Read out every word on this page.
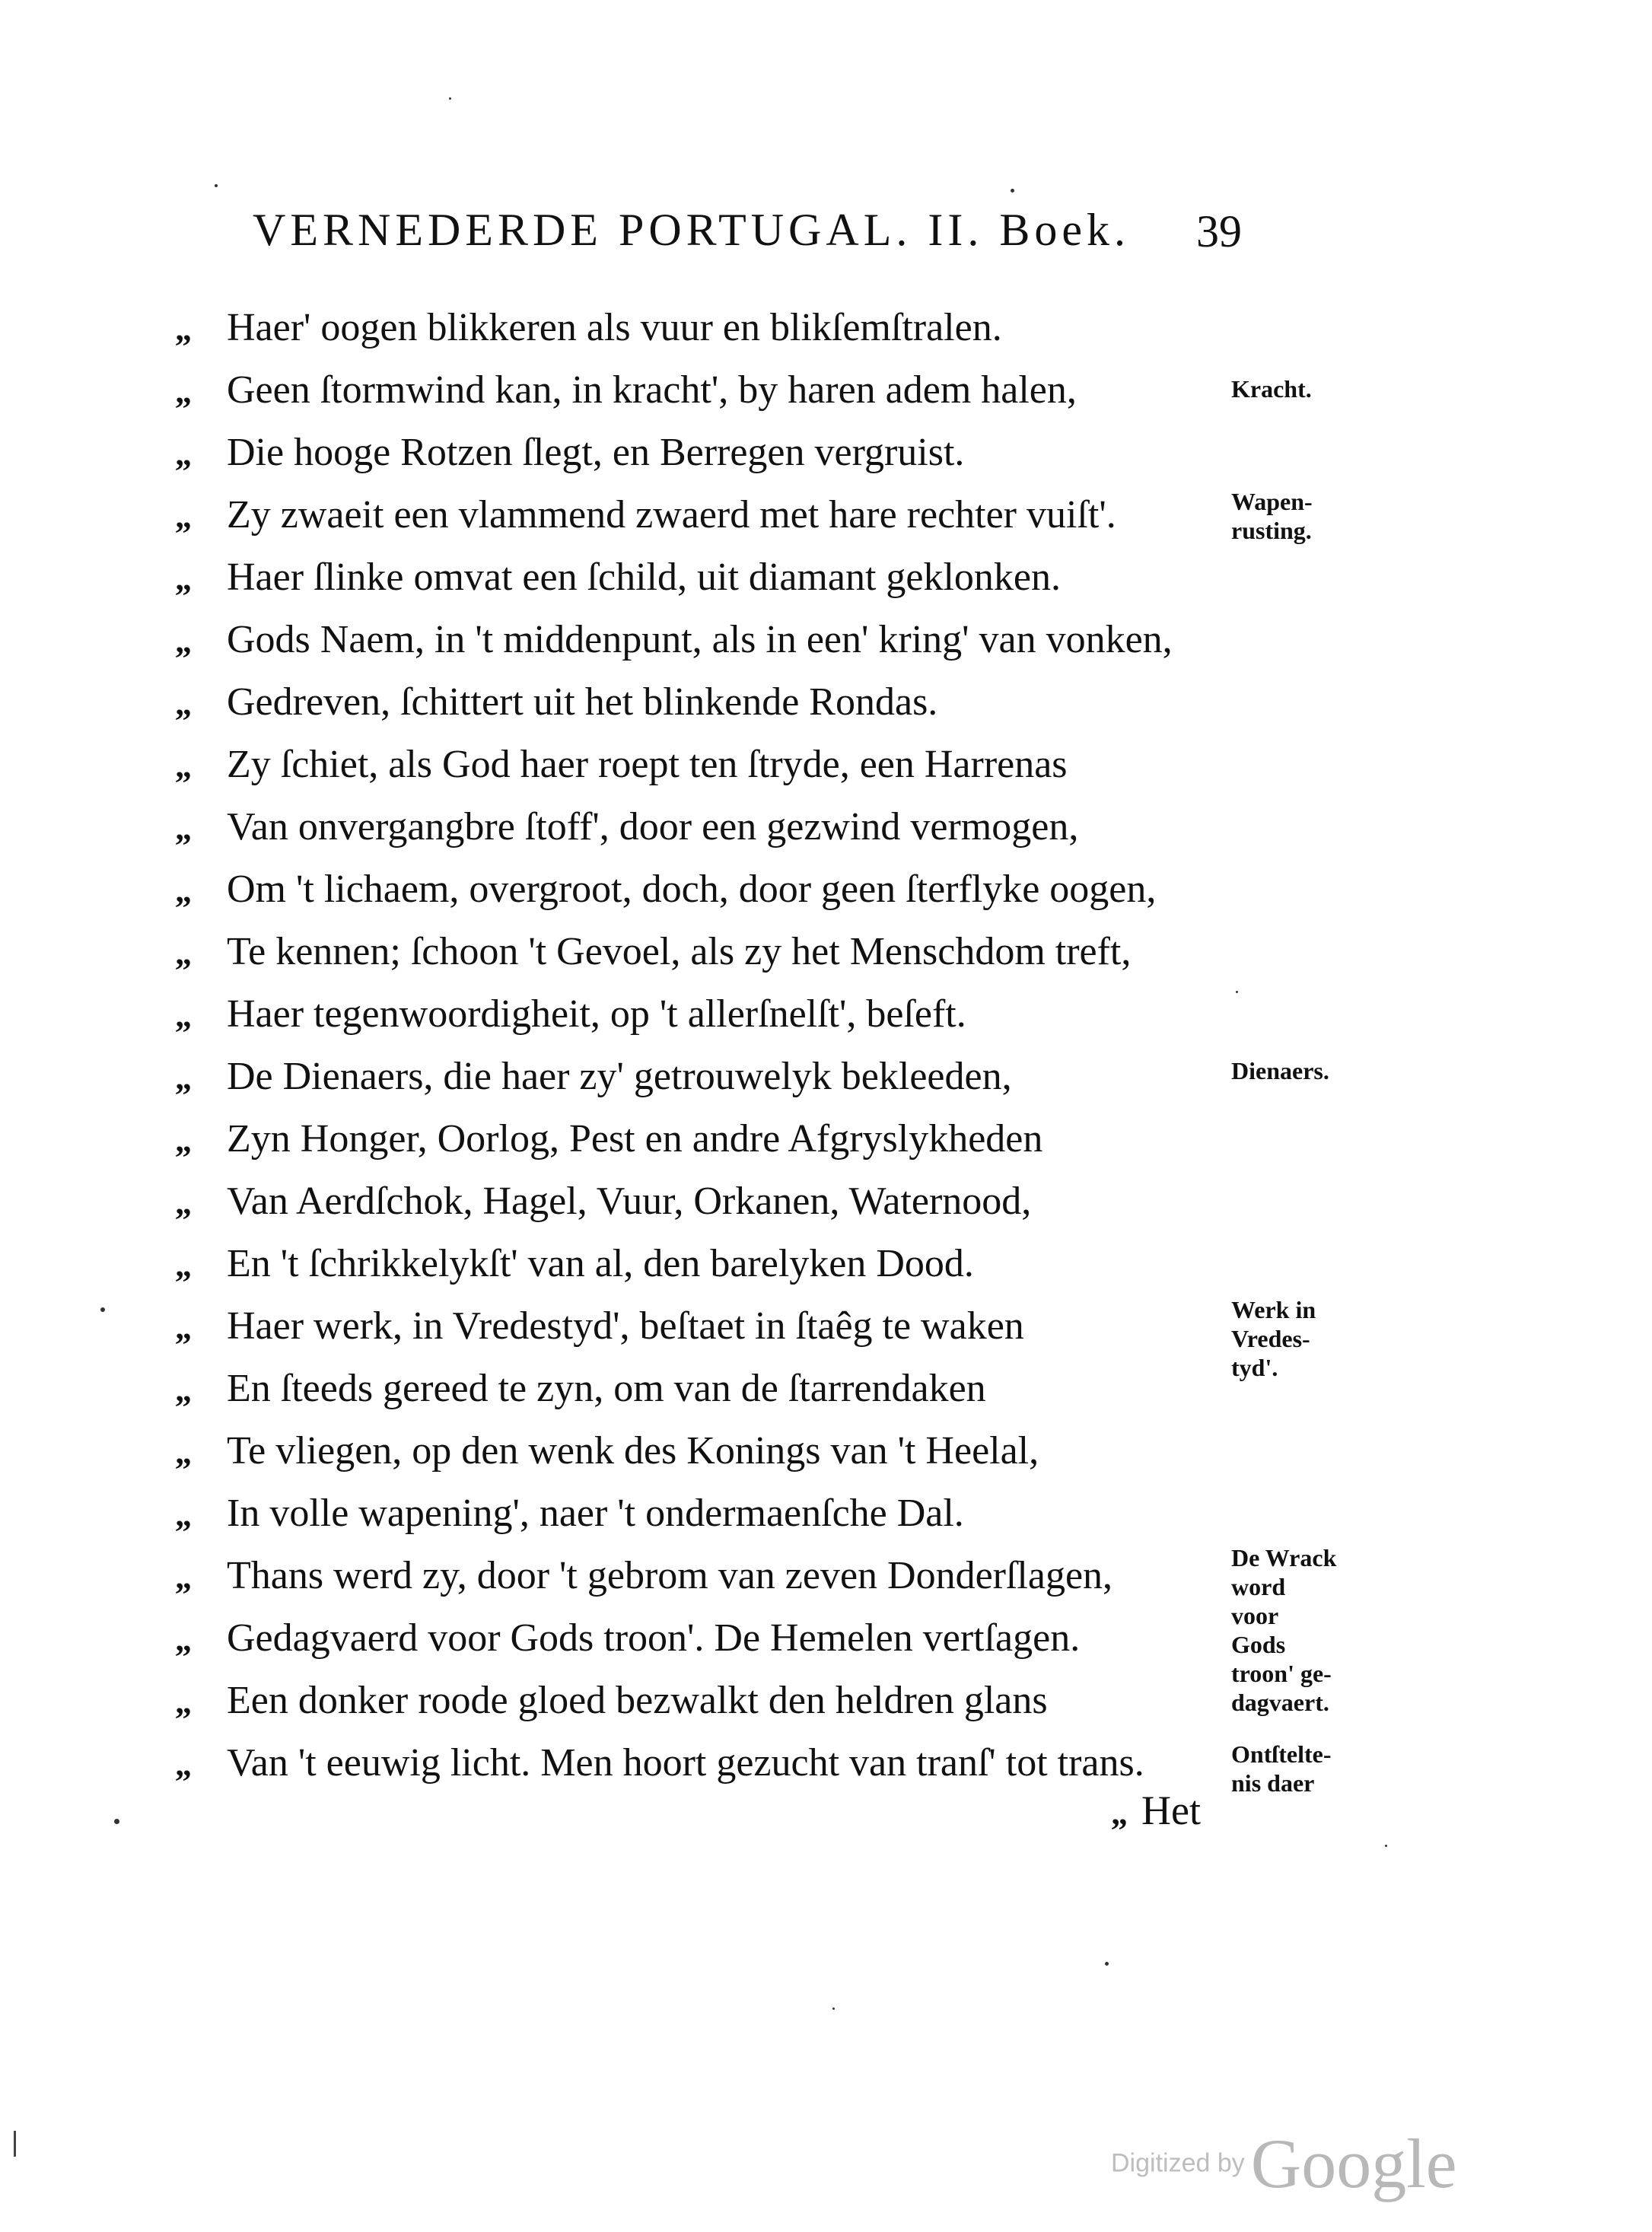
VERNEDERDE PORTUGAL. II. Boek. 39
„ Haer' oogen blikkeren als vuur en blikſemſtralen.
„ Geen ſtormwind kan, in kracht', by haren adem halen,
„ Die hooge Rotzen ſlegt, en Berregen vergruist.
„ Zy zwaeit een vlammend zwaerd met hare rechter vuiſt'.
„ Haer ſlinke omvat een ſchild, uit diamant geklonken.
„ Gods Naem, in 't middenpunt, als in een' kring' van vonken,
„ Gedreven, ſchittert uit het blinkende Rondas.
„ Zy ſchiet, als God haer roept ten ſtryde, een Harrenas
„ Van onvergangbre ſtoff', door een gezwind vermogen,
„ Om 't lichaem, overgroot, doch, door geen ſterflyke oogen,
„ Te kennen; ſchoon 't Gevoel, als zy het Menschdom treft,
„ Haer tegenwoordigheit, op 't allerſnelſt', beſeft.
„ De Dienaers, die haer zy' getrouwelyk bekleeden,
„ Zyn Honger, Oorlog, Pest en andre Afgryslykheden
„ Van Aerdſchok, Hagel, Vuur, Orkanen, Waternood,
„ En 't ſchrikkelykſt' van al, den barelyken Dood.
„ Haer werk, in Vredestyd', beſtaet in ſtaêg te waken
„ En ſteeds gereed te zyn, om van de ſtarrendaken
„ Te vliegen, op den wenk des Konings van 't Heelal,
„ In volle wapening', naer 't ondermaenſche Dal.
„ Thans werd zy, door 't gebrom van zeven Donderſlagen,
„ Gedagvaerd voor Gods troon'. De Hemelen vertſagen.
„ Een donker roode gloed bezwalkt den heldren glans
„ Van 't eeuwig licht. Men hoort gezucht van tranſ' tot trans.
Kracht.
Wapen-
rusting.
Dienaers.
Werk in
Vredes-
tyd'.
De Wrack
word
voor
Gods
troon' ge-
dagvaert.
Ontſtelte-
nis daer
„ Het
Digitized byGoogle
